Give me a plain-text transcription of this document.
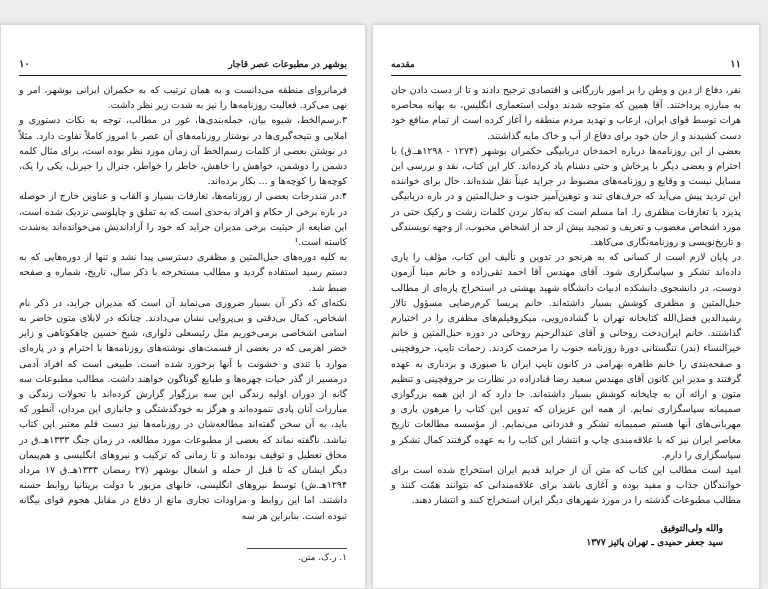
۱۰	بوشهر در مطبوعات عصر قاجار

فرمانروای منطقه می‌دانست و به همان ترتیب که به حکمران ایرانی بوشهر، امر و نهی می‌کرد. فعالیت روزنامه‌ها را نیز به شدت زیر نظر داشت.

۳.رسم‌الخط، شیوه بیان، جمله‌بندی‌ها، غور در مطالب، توجه به نکات دستوری و املایی و نتیجه‌گیری‌ها در نوشتار روزنامه‌های آن عصر با امروز کاملاً تفاوت دارد. مثلاً در نوشتن بعضی از کلمات رسم‌الخط آن زمان مورد نظر بوده است، برای مثال کلمه دشمن را دوشمن، خواهش را خاهش، خاطر را خواطر، جنرال را جیرنل، یکی را یک، کوچه‌ها را کوچه‌ها و ... بکار برده‌اند.

۴.در مندرجات بعضی از روزنامه‌ها، تعارفات بسیار و القاب و عناوین خارج از حوصله در باره برخی از حکام و افراد به‌حدی است که به تملق و چاپلوسی نزدیک شده است، این ضایعه از حیثیت برخی مدیران جراید که خود را آزاداندیش می‌خوانده‌اند به‌شدت کاسته است.¹

به کلیه دوره‌های حبل‌المتین و مظفری دسترسی پیدا نشد و تنها از دوره‌هایی که به دستم رسید استفاده گردید و مطالب مستخرجه با ذکر سال، تاریخ، شماره و صفحه ضبط شد.

نکته‌ای که ذکر آن بسیار ضروری می‌نماید آن است که مدیران جراید، در ذکر نام اشخاص، کمال بی‌دقتی و بی‌پروایی نشان می‌دادند. چنانکه در لابلای متون حاضر به اسامی اشخاصی برمی‌خوریم مثل رئیسعلی دلواری، شیخ حسین چاهکوتاهی و زایر خضر اهرمی که در بعضی از قسمت‌های نوشته‌های روزنامه‌ها با احترام و در پاره‌ای موارد با تندی و خشونت با آنها برخورد شده است. طبیعی است که افراد آدمی درمسیر از گذر حیات چهره‌ها و طبایع گوناگون خواهند داشت. مطالب مطبوعات سه گانه از دوران اولیه زندگی این سه برزگوار گزارش کرده‌اند با تحولات زندگی و مبارزات آنان پادی ننموده‌اند و هرگز به خودگذشتگی و جانبازی این مردان، آنطور که باید، به آن سخن گفته‌اند مطالعه‌شان در روزنامه‌ها نیز دست قلم معتبر این کتاب نباشد. ناگفته نماند که بعضی از مطبوعات مورد مطالعه، در زمان جنگ ۱۳۳۳هـ.ق در محاق تعطیل و توقیف بوده‌اند و تا زمانی که ترکیب و نیروهای انگلیسی و هم‌پیمان دیگر ایشان که تا قبل از حمله و اشغال بوشهر (۲۷ رمضان ۱۳۳۳هـ.ق ۱۷ مرداد ۱۲۹۴هـ.ش) توسط نیروهای انگلیسی، خانهای مزبور با دولت بریتانیا روابط حسنه داشتند. اما این روابط و مراودات تجاری مانع از دفاع در مقابل هجوم قوای بیگانه نبوده است. بنابراین هر سه

۱. ر.ک. متن.
۱۱
مقدمه

نفر، دفاع از دین و وطن را بر امور بازرگانی و اقتصادی ترجیح دادند و تا از دست دادن جان به مبارزه پرداختند. آقا همین که متوجه شدند دولت استعماری انگلیس، به بهانه محاصره هرات توسط قوای ایران، ارعاب و تهدید مردم منطقه را آغاز کرده است از تمام منافع خود دست کشیدند و از جان خود برای دفاع از آب و خاک مایه گذاشتند.

بعضی از این روزنامه‌ها درباره احمدخان دریابیگی حکمران بوشهر (۱۲۷۴ - ۱۲۹۸هـ.ق) با احترام و بعضی دیگر با پرخاش و حتی دشنام یاد کرده‌اند. کار این کتاب، نقد و بررسی این مسایل نیست و وقایع و روزنامه‌های مضبوط در جراید عیناً نقل شده‌اند. حال برای خواننده این تردید پیش می‌آید که حرف‌های تند و توهین‌آمیز جنوب و حبل‌المتین و در باره دریابیگی پذیرد یا تعارفات مظفری را. اما مسلم است که به‌کار بردن کلمات زشت و رکیک حتی در مورد اشخاص مغضوب و تعریف و تمجید بیش از حد از اشخاص محبوب، از وجهه نویسندگی و تاریخ‌نویسی و روزنامه‌نگاری می‌کاهد.

در پایان لازم است از کسانی که به هرنحو در تدوین و تألیف این کتاب، مؤلف را یاری داده‌اند تشکر و سپاسگزاری شود. آقای مهندس آقا احمد تقی‌زاده و خانم مینا آزمون دوست، در دانشجوی دانشکده ادبیات دانشگاه شهید بهشتی در استخراج پاره‌ای از مطالب حبل‌المتین و مظفری کوشش بسیار داشته‌اند. خانم پریسا کرم‌رضایی مسؤول تالار رشیدالدین فضل‌الله کتابخانه تهران با گشاده‌رویی، میکروفیلم‌های مظفری را در اختیارم گذاشتند. خانم ایران‌دخت روحانی و آقای عبدالرحیم روحانی در دوره حبل‌المتین و خانم خیرالنساء (بدر) تنگستانی دورهٔ روزنامه جنوب را مرحمت کردند. زحمات تایپ، حروفچینی و صفحه‌بندی را خانم طاهره بهرامی در کانون تایپ ایران با صبوری و بردباری به عهده گرفتند و مدیر این کانون آقای مهندس سعید رضا قنادزاده در نظارت بر حروفچینی و تنظیم متون و ارائه آن به چاپخانه کوشش بسیار داشته‌اند. جا دارد که از این همه بزرگواری صمیمانه سپاسگزاری نمایم. از همه این عزیزان که تدوین این کتاب را مرهون یاری و مهربانی‌های آنها هستم صمیمانه تشکر و قدردانی می‌نمایم. از مؤسسه مطالعات تاریخ معاصر ایران نیز که با علاقه‌مندی چاپ و انتشار این کتاب را به عهده گرفتند کمال تشکر و سپاسگزاری را دارم.

امید است مطالب این کتاب که متن آن از جراید قدیم ایران استخراج شده است برای خوانندگان جذاب و مفید بوده و آغازی باشد برای علاقه‌مندانی که بتوانند همّت کنند و مطالب مطبوعات گذشته را در مورد شهرهای دیگر ایران استخراج کنند و انتشار دهند.

والله ولی‌التوفیق
سید جعفر حمیدی ـ تهران پائیز ۱۳۷۷
